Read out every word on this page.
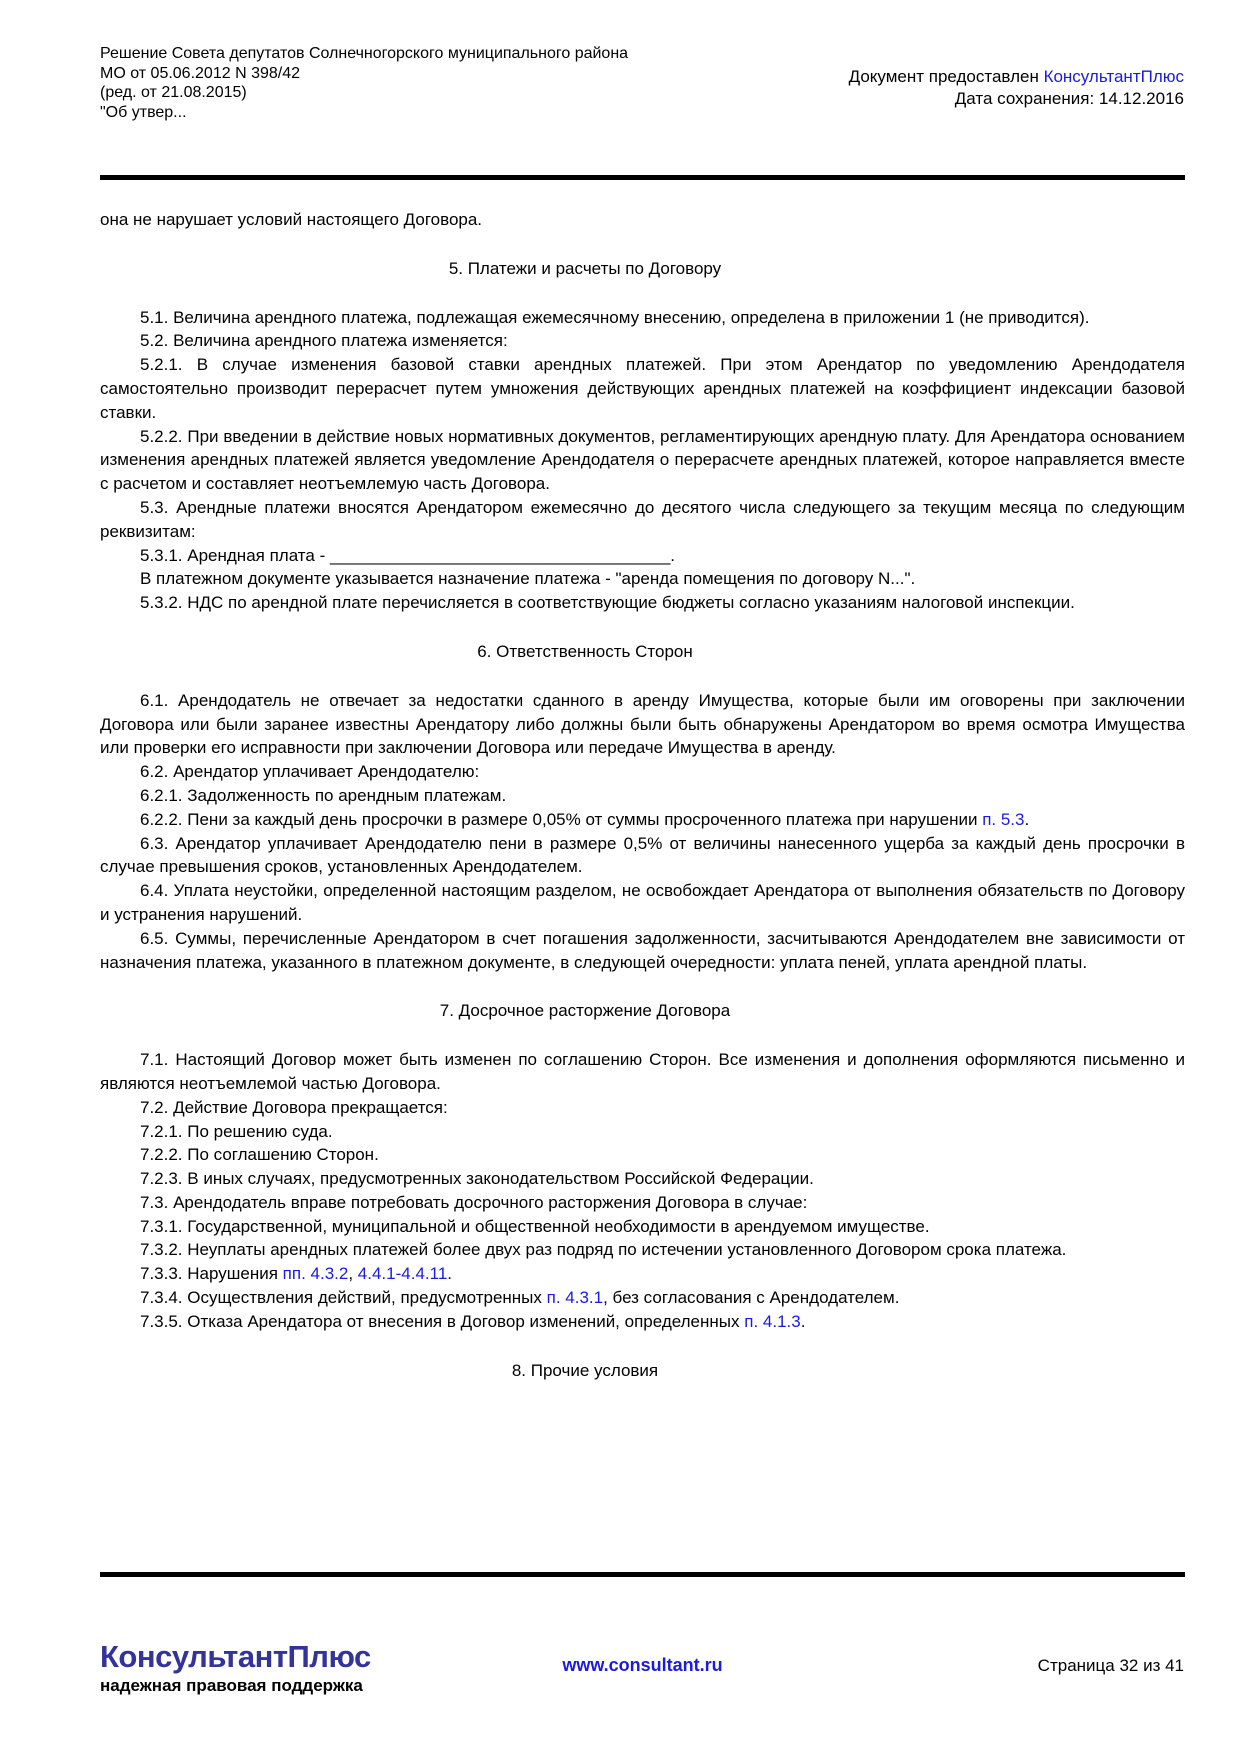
Решение Совета депутатов Солнечногорского муниципального района
МО от 05.06.2012 N 398/42
(ред. от 21.08.2015)
"Об утвер...
Документ предоставлен КонсультантПлюс
Дата сохранения: 14.12.2016

она не нарушает условий настоящего Договора.

5. Платежи и расчеты по Договору

5.1. Величина арендного платежа, подлежащая ежемесячному внесению, определена в приложении 1 (не приводится).

5.2. Величина арендного платежа изменяется:

5.2.1. В случае изменения базовой ставки арендных платежей. При этом Арендатор по уведомлению Арендодателя самостоятельно производит перерасчет путем умножения действующих арендных платежей на коэффициент индексации базовой ставки.

5.2.2. При введении в действие новых нормативных документов, регламентирующих арендную плату. Для Арендатора основанием изменения арендных платежей является уведомление Арендодателя о перерасчете арендных платежей, которое направляется вместе с расчетом и составляет неотъемлемую часть Договора.

5.3. Арендные платежи вносятся Арендатором ежемесячно до десятого числа следующего за текущим месяца по следующим реквизитам:

5.3.1. Арендная плата - ____________________________________.

В платежном документе указывается назначение платежа - "аренда помещения по договору N...".

5.3.2. НДС по арендной плате перечисляется в соответствующие бюджеты согласно указаниям налоговой инспекции.

6. Ответственность Сторон

6.1. Арендодатель не отвечает за недостатки сданного в аренду Имущества, которые были им оговорены при заключении Договора или были заранее известны Арендатору либо должны были быть обнаружены Арендатором во время осмотра Имущества или проверки его исправности при заключении Договора или передаче Имущества в аренду.

6.2. Арендатор уплачивает Арендодателю:

6.2.1. Задолженность по арендным платежам.

6.2.2. Пени за каждый день просрочки в размере 0,05% от суммы просроченного платежа при нарушении п. 5.3.

6.3. Арендатор уплачивает Арендодателю пени в размере 0,5% от величины нанесенного ущерба за каждый день просрочки в случае превышения сроков, установленных Арендодателем.

6.4. Уплата неустойки, определенной настоящим разделом, не освобождает Арендатора от выполнения обязательств по Договору и устранения нарушений.

6.5. Суммы, перечисленные Арендатором в счет погашения задолженности, засчитываются Арендодателем вне зависимости от назначения платежа, указанного в платежном документе, в следующей очередности: уплата пеней, уплата арендной платы.

7. Досрочное расторжение Договора

7.1. Настоящий Договор может быть изменен по соглашению Сторон. Все изменения и дополнения оформляются письменно и являются неотъемлемой частью Договора.

7.2. Действие Договора прекращается:

7.2.1. По решению суда.

7.2.2. По соглашению Сторон.

7.2.3. В иных случаях, предусмотренных законодательством Российской Федерации.

7.3. Арендодатель вправе потребовать досрочного расторжения Договора в случае:

7.3.1. Государственной, муниципальной и общественной необходимости в арендуемом имуществе.

7.3.2. Неуплаты арендных платежей более двух раз подряд по истечении установленного Договором срока платежа.

7.3.3. Нарушения пп. 4.3.2, 4.4.1-4.4.11.

7.3.4. Осуществления действий, предусмотренных п. 4.3.1, без согласования с Арендодателем.

7.3.5. Отказа Арендатора от внесения в Договор изменений, определенных п. 4.1.3.

8. Прочие условия
КонсультантПлюс
надежная правовая поддержка
www.consultant.ru	Страница 32 из 41
